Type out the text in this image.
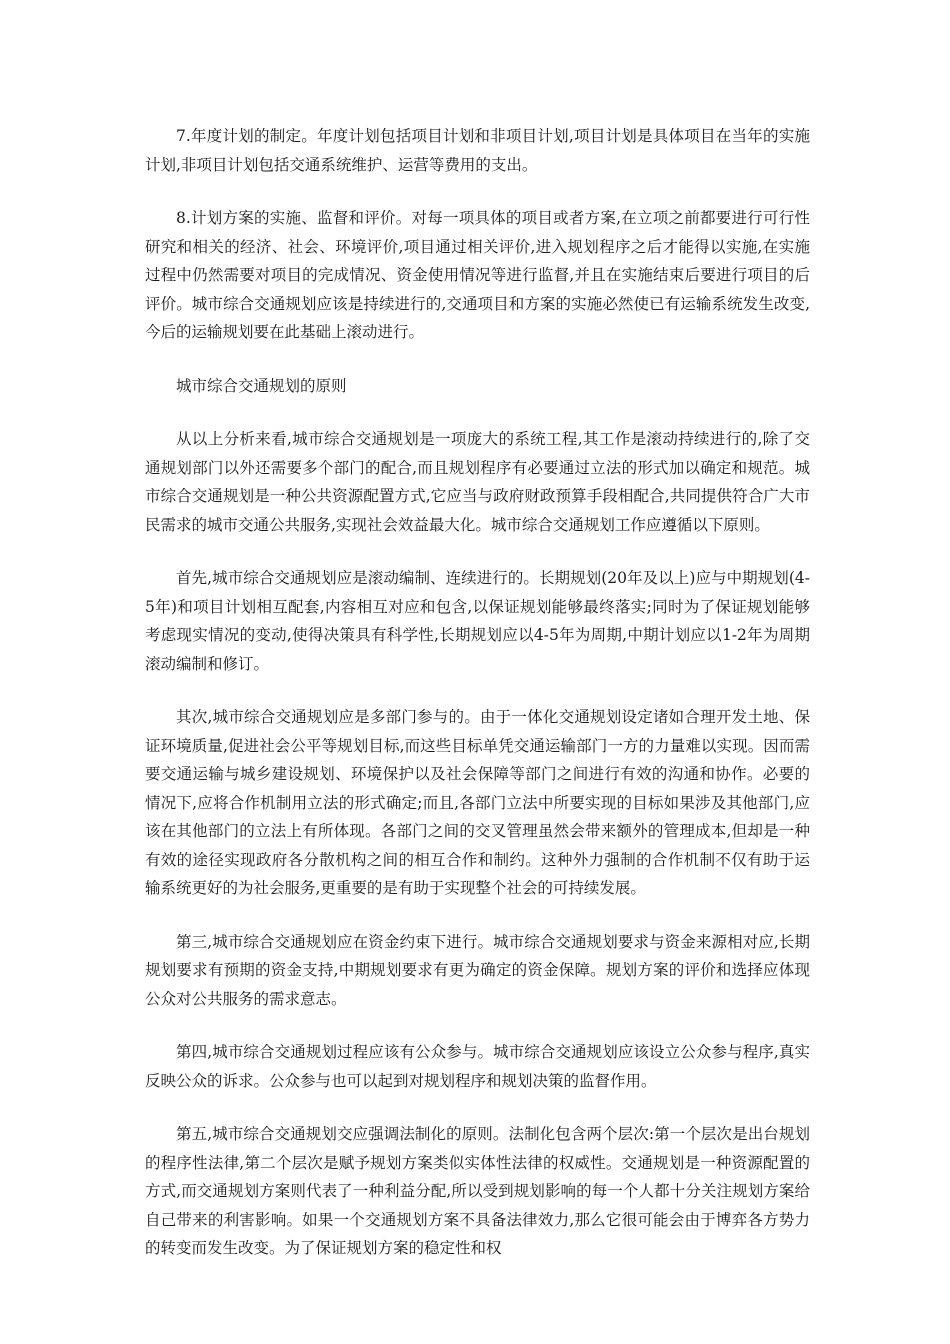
7.年度计划的制定。年度计划包括项目计划和非项目计划,项目计划是具体项目在当年的实施计划,非项目计划包括交通系统维护、运营等费用的支出。

8.计划方案的实施、监督和评价。对每一项具体的项目或者方案,在立项之前都要进行可行性研究和相关的经济、社会、环境评价,项目通过相关评价,进入规划程序之后才能得以实施,在实施过程中仍然需要对项目的完成情况、资金使用情况等进行监督,并且在实施结束后要进行项目的后评价。城市综合交通规划应该是持续进行的,交通项目和方案的实施必然使已有运输系统发生改变,今后的运输规划要在此基础上滚动进行。

城市综合交通规划的原则

从以上分析来看,城市综合交通规划是一项庞大的系统工程,其工作是滚动持续进行的,除了交通规划部门以外还需要多个部门的配合,而且规划程序有必要通过立法的形式加以确定和规范。城市综合交通规划是一种公共资源配置方式,它应当与政府财政预算手段相配合,共同提供符合广大市民需求的城市交通公共服务,实现社会效益最大化。城市综合交通规划工作应遵循以下原则。

首先,城市综合交通规划应是滚动编制、连续进行的。长期规划(20年及以上)应与中期规划(4-5年)和项目计划相互配套,内容相互对应和包含,以保证规划能够最终落实;同时为了保证规划能够考虑现实情况的变动,使得决策具有科学性,长期规划应以4-5年为周期,中期计划应以1-2年为周期滚动编制和修订。

其次,城市综合交通规划应是多部门参与的。由于一体化交通规划设定诸如合理开发土地、保证环境质量,促进社会公平等规划目标,而这些目标单凭交通运输部门一方的力量难以实现。因而需要交通运输与城乡建设规划、环境保护以及社会保障等部门之间进行有效的沟通和协作。必要的情况下,应将合作机制用立法的形式确定;而且,各部门立法中所要实现的目标如果涉及其他部门,应该在其他部门的立法上有所体现。各部门之间的交叉管理虽然会带来额外的管理成本,但却是一种有效的途径实现政府各分散机构之间的相互合作和制约。这种外力强制的合作机制不仅有助于运输系统更好的为社会服务,更重要的是有助于实现整个社会的可持续发展。

第三,城市综合交通规划应在资金约束下进行。城市综合交通规划要求与资金来源相对应,长期规划要求有预期的资金支持,中期规划要求有更为确定的资金保障。规划方案的评价和选择应体现公众对公共服务的需求意志。

第四,城市综合交通规划过程应该有公众参与。城市综合交通规划应该设立公众参与程序,真实反映公众的诉求。公众参与也可以起到对规划程序和规划决策的监督作用。

第五,城市综合交通规划交应强调法制化的原则。法制化包含两个层次:第一个层次是出台规划的程序性法律,第二个层次是赋予规划方案类似实体性法律的权威性。交通规划是一种资源配置的方式,而交通规划方案则代表了一种利益分配,所以受到规划影响的每一个人都十分关注规划方案给自己带来的利害影响。如果一个交通规划方案不具备法律效力,那么它很可能会由于博弈各方势力的转变而发生改变。为了保证规划方案的稳定性和权
